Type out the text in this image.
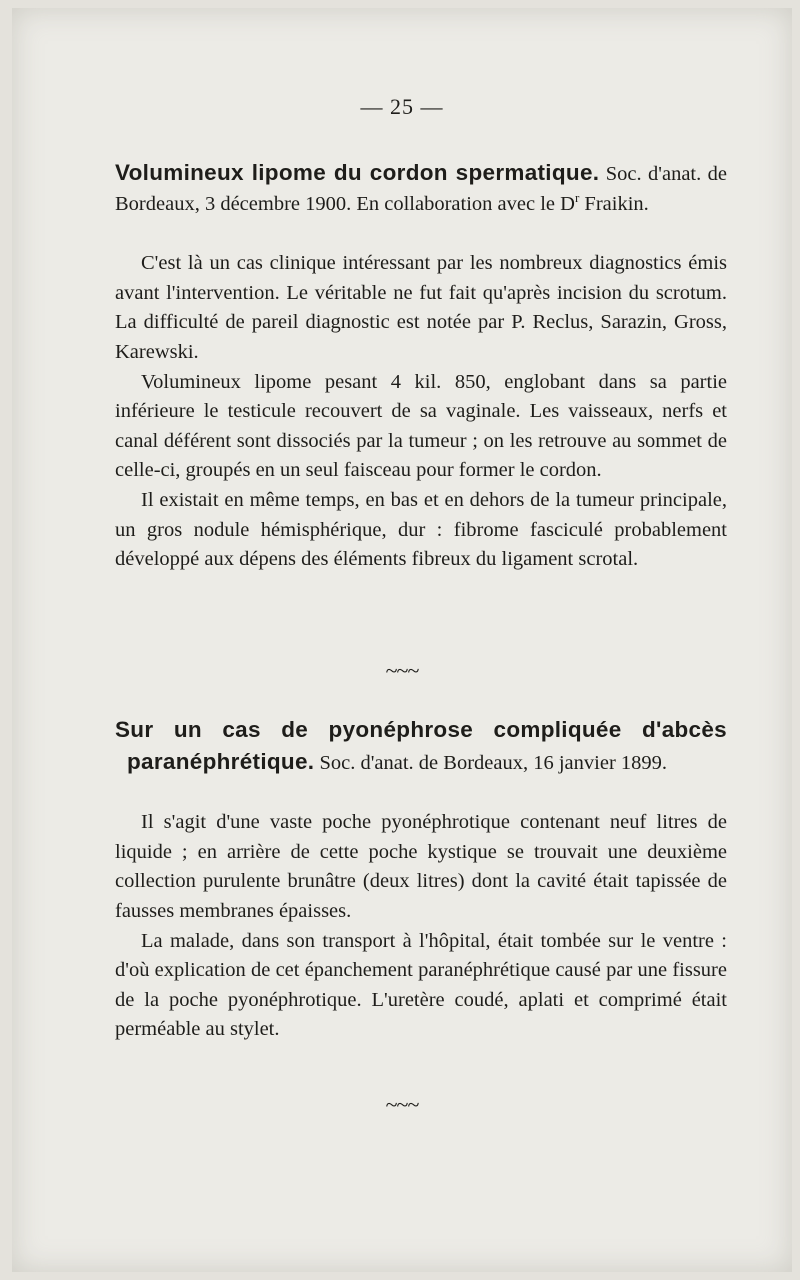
— 25 —

Volumineux lipome du cordon spermatique. Soc. d'anat. de Bordeaux, 3 décembre 1900. En collaboration avec le $D^r$ Fraikin.

C'est là un cas clinique intéressant par les nombreux diagnostics émis avant l'intervention. Le véritable ne fut fait qu'après incision du scrotum. La difficulté de pareil diagnostic est notée par P. Reclus, Sarazin, Gross, Karewski.

Volumineux lipome pesant 4 kil. 850, englobant dans sa partie inférieure le testicule recouvert de sa vaginale. Les vaisseaux, nerfs et canal déférent sont dissociés par la tumeur ; on les retrouve au sommet de celle-ci, groupés en un seul faisceau pour former le cordon.

Il existait en même temps, en bas et en dehors de la tumeur principale, un gros nodule hémisphérique, dur : fibrome fasciculé probablement développé aux dépens des éléments fibreux du ligament scrotal.

~~~

Sur un cas de pyonéphrose compliquée d'abcès paranéphrétique. Soc. d'anat. de Bordeaux, 16 janvier 1899.

Il s'agit d'une vaste poche pyonéphrotique contenant neuf litres de liquide ; en arrière de cette poche kystique se trouvait une deuxième collection purulente brunâtre (deux litres) dont la cavité était tapissée de fausses membranes épaisses.

La malade, dans son transport à l'hôpital, était tombée sur le ventre : d'où explication de cet épanchement paranéphrétique causé par une fissure de la poche pyonéphrotique. L'uretère coudé, aplati et comprimé était perméable au stylet.

~~~
